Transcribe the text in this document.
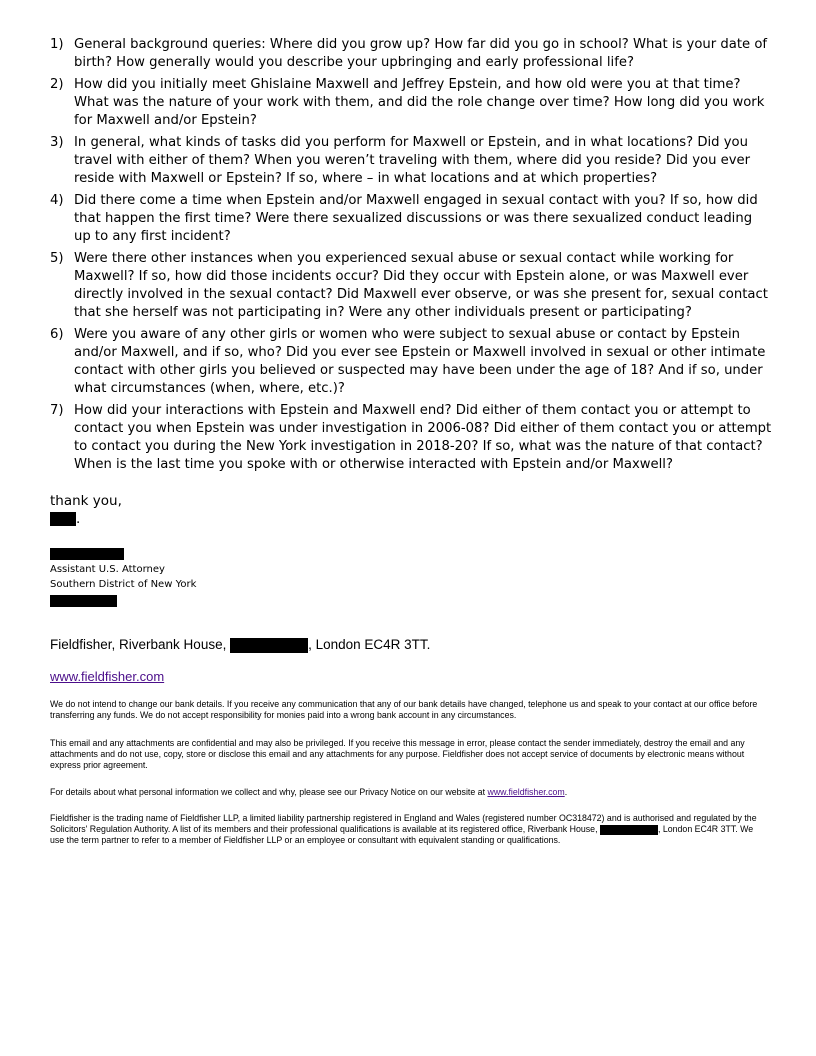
1) General background queries: Where did you grow up? How far did you go in school? What is your date of birth? How generally would you describe your upbringing and early professional life?
2) How did you initially meet Ghislaine Maxwell and Jeffrey Epstein, and how old were you at that time? What was the nature of your work with them, and did the role change over time? How long did you work for Maxwell and/or Epstein?
3) In general, what kinds of tasks did you perform for Maxwell or Epstein, and in what locations? Did you travel with either of them? When you weren’t traveling with them, where did you reside? Did you ever reside with Maxwell or Epstein? If so, where – in what locations and at which properties?
4) Did there come a time when Epstein and/or Maxwell engaged in sexual contact with you? If so, how did that happen the first time? Were there sexualized discussions or was there sexualized conduct leading up to any first incident?
5) Were there other instances when you experienced sexual abuse or sexual contact while working for Maxwell? If so, how did those incidents occur? Did they occur with Epstein alone, or was Maxwell ever directly involved in the sexual contact? Did Maxwell ever observe, or was she present for, sexual contact that she herself was not participating in? Were any other individuals present or participating?
6) Were you aware of any other girls or women who were subject to sexual abuse or contact by Epstein and/or Maxwell, and if so, who? Did you ever see Epstein or Maxwell involved in sexual or other intimate contact with other girls you believed or suspected may have been under the age of 18? And if so, under what circumstances (when, where, etc.)?
7) How did your interactions with Epstein and Maxwell end? Did either of them contact you or attempt to contact you when Epstein was under investigation in 2006-08? Did either of them contact you or attempt to contact you during the New York investigation in 2018-20? If so, what was the nature of that contact? When is the last time you spoke with or otherwise interacted with Epstein and/or Maxwell?
thank you,
.
Assistant U.S. Attorney
Southern District of New York
Fieldfisher, Riverbank House,	, London EC4R 3TT.
www.fieldfisher.com

We do not intend to change our bank details. If you receive any communication that any of our bank details have changed, telephone us and speak to your contact at our office before transferring any funds. We do not accept responsibility for monies paid into a wrong bank account in any circumstances.

This email and any attachments are confidential and may also be privileged. If you receive this message in error, please contact the sender immediately, destroy the email and any attachments and do not use, copy, store or disclose this email and any attachments for any purpose. Fieldfisher does not accept service of documents by electronic means without express prior agreement.

For details about what personal information we collect and why, please see our Privacy Notice on our website at www.fieldfisher.com.

Fieldfisher is the trading name of Fieldfisher LLP, a limited liability partnership registered in England and Wales (registered number OC318472) and is authorised and regulated by the Solicitors' Regulation Authority. A list of its members and their professional qualifications is available at its registered office, Riverbank House,	, London EC4R 3TT. We use the term partner to refer to a member of Fieldfisher LLP or an employee or consultant with equivalent standing or qualifications.
